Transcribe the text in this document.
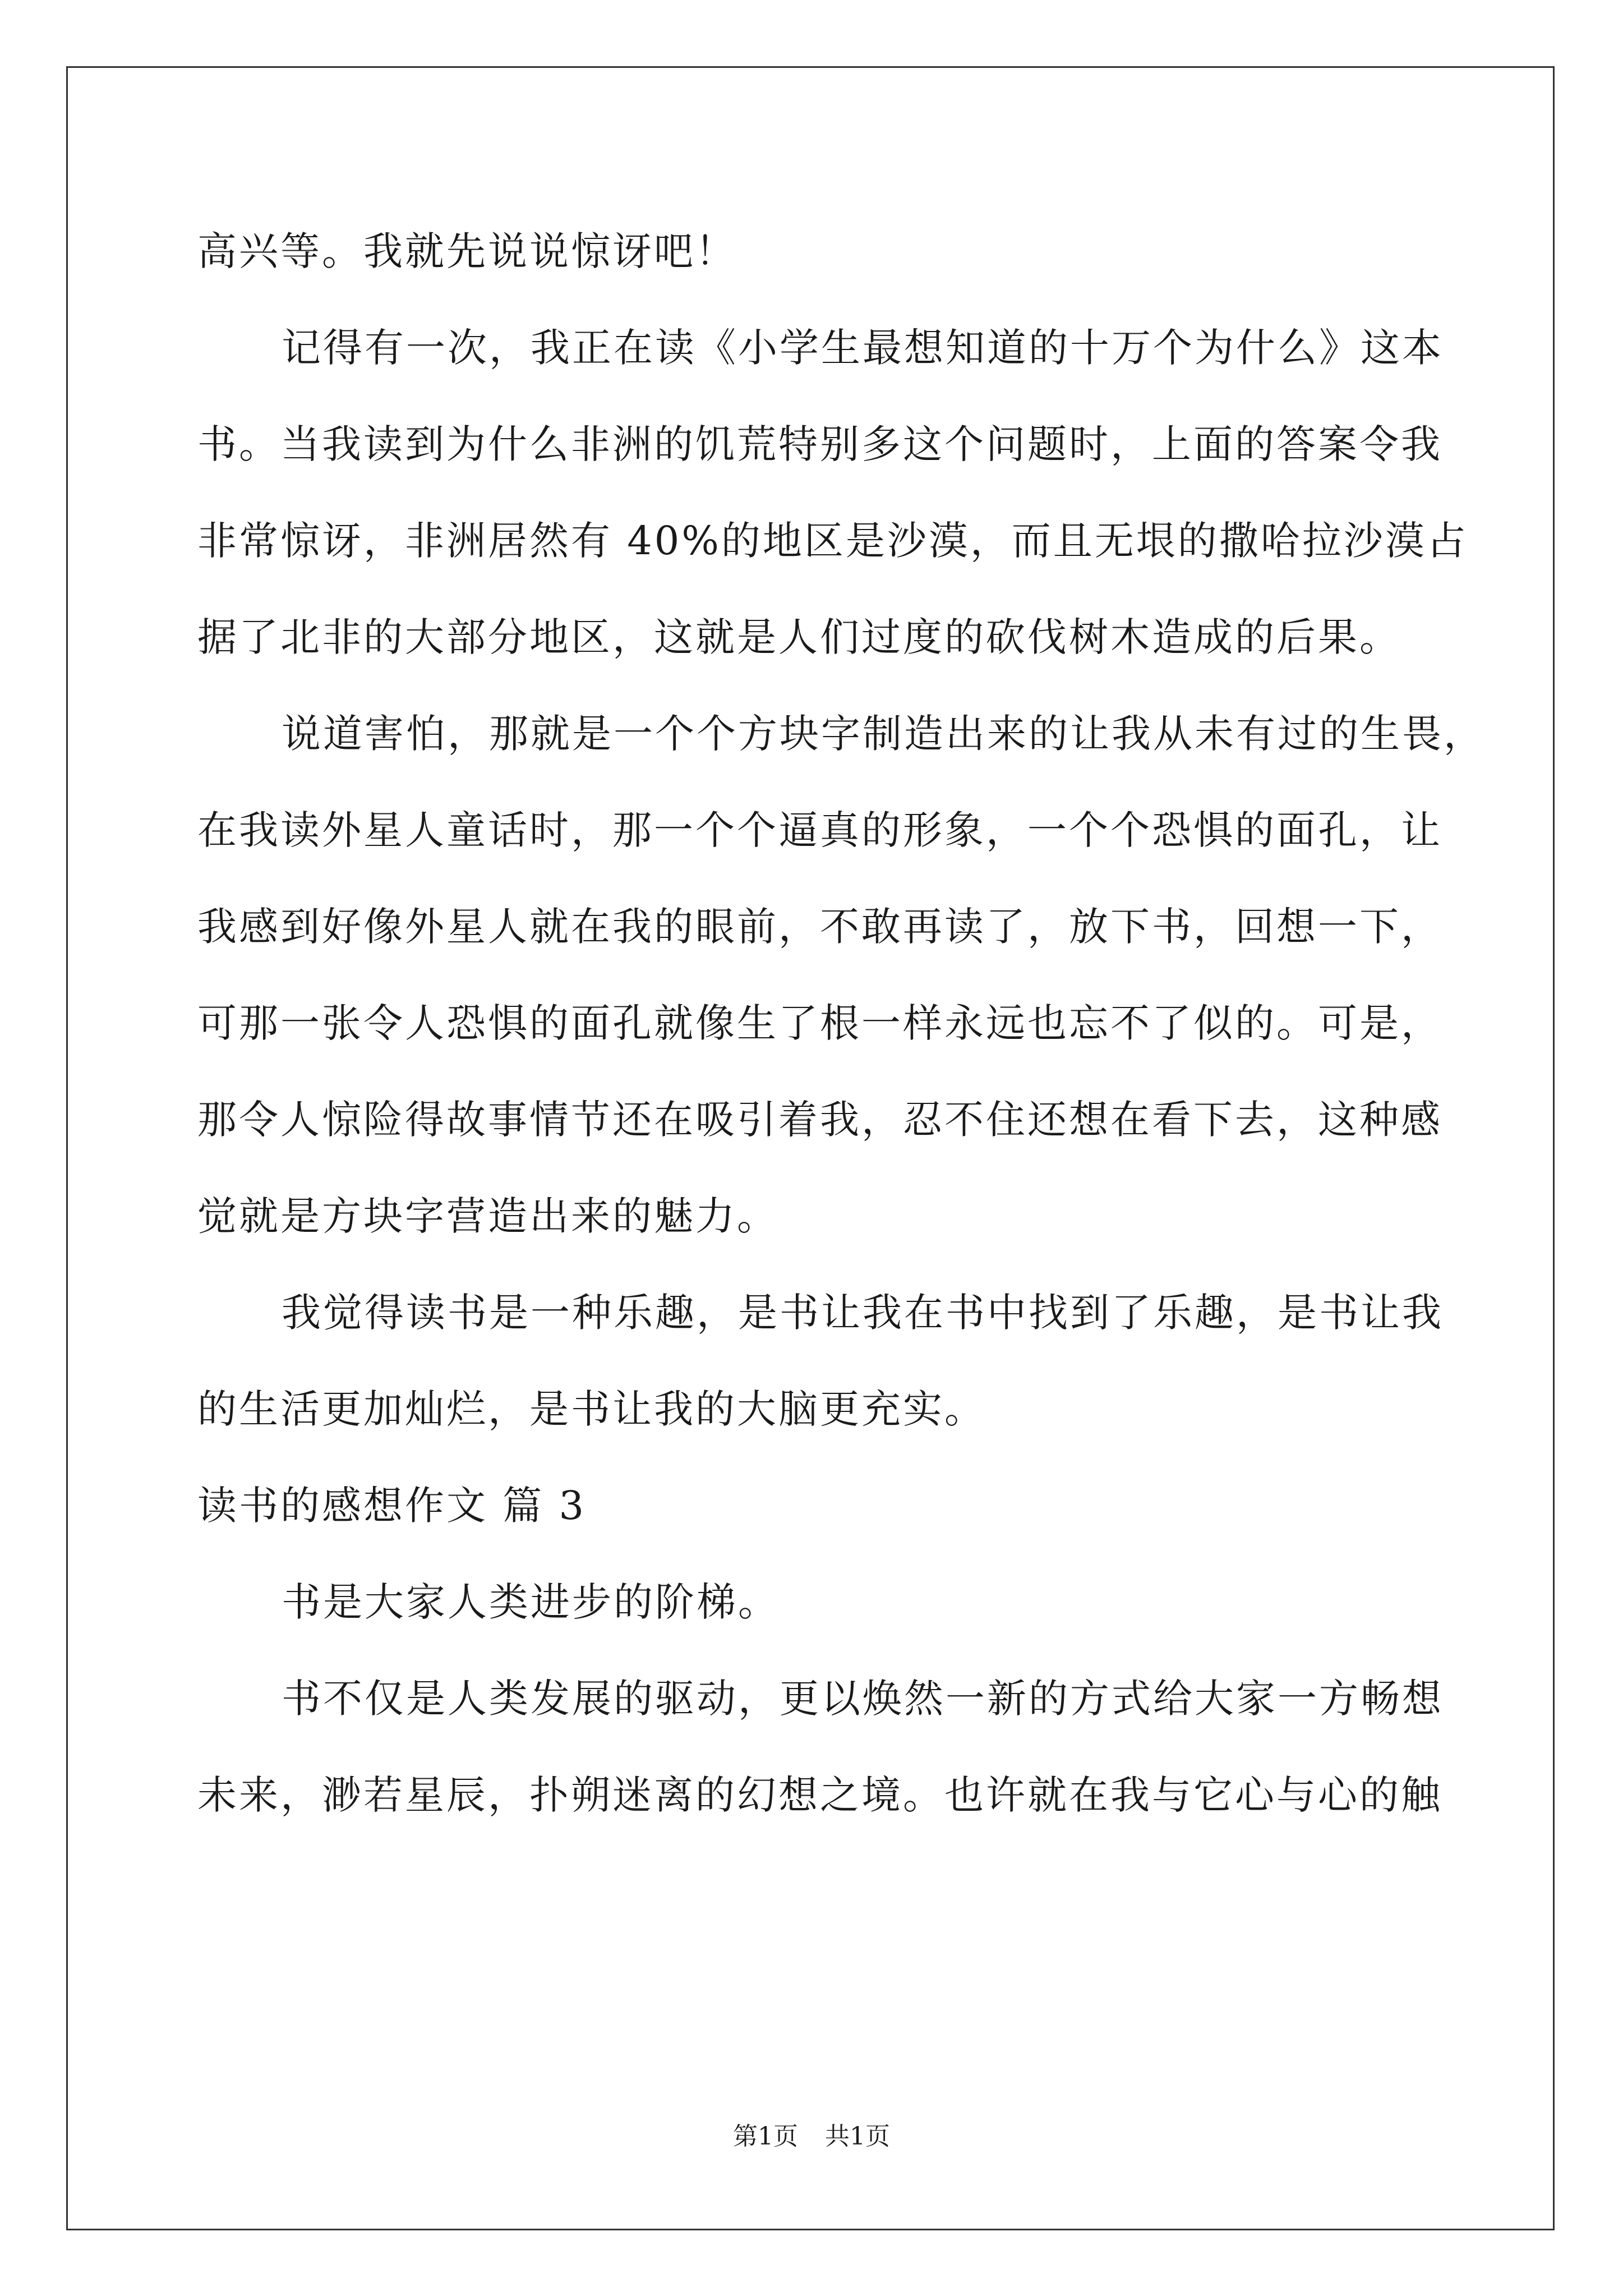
高兴等。我就先说说惊讶吧！
记得有一次，我正在读《小学生最想知道的十万个为什么》这本
书。当我读到为什么非洲的饥荒特别多这个问题时，上面的答案令我
非常惊讶，非洲居然有 40%的地区是沙漠，而且无垠的撒哈拉沙漠占
据了北非的大部分地区，这就是人们过度的砍伐树木造成的后果。
说道害怕，那就是一个个方块字制造出来的让我从未有过的生畏，
在我读外星人童话时，那一个个逼真的形象，一个个恐惧的面孔，让
我感到好像外星人就在我的眼前，不敢再读了，放下书，回想一下，
可那一张令人恐惧的面孔就像生了根一样永远也忘不了似的。可是，
那令人惊险得故事情节还在吸引着我，忍不住还想在看下去，这种感
觉就是方块字营造出来的魅力。
我觉得读书是一种乐趣，是书让我在书中找到了乐趣，是书让我
的生活更加灿烂，是书让我的大脑更充实。
读书的感想作文 篇 3
书是大家人类进步的阶梯。
书不仅是人类发展的驱动，更以焕然一新的方式给大家一方畅想
未来，渺若星辰，扑朔迷离的幻想之境。也许就在我与它心与心的触
第1页 共1页
